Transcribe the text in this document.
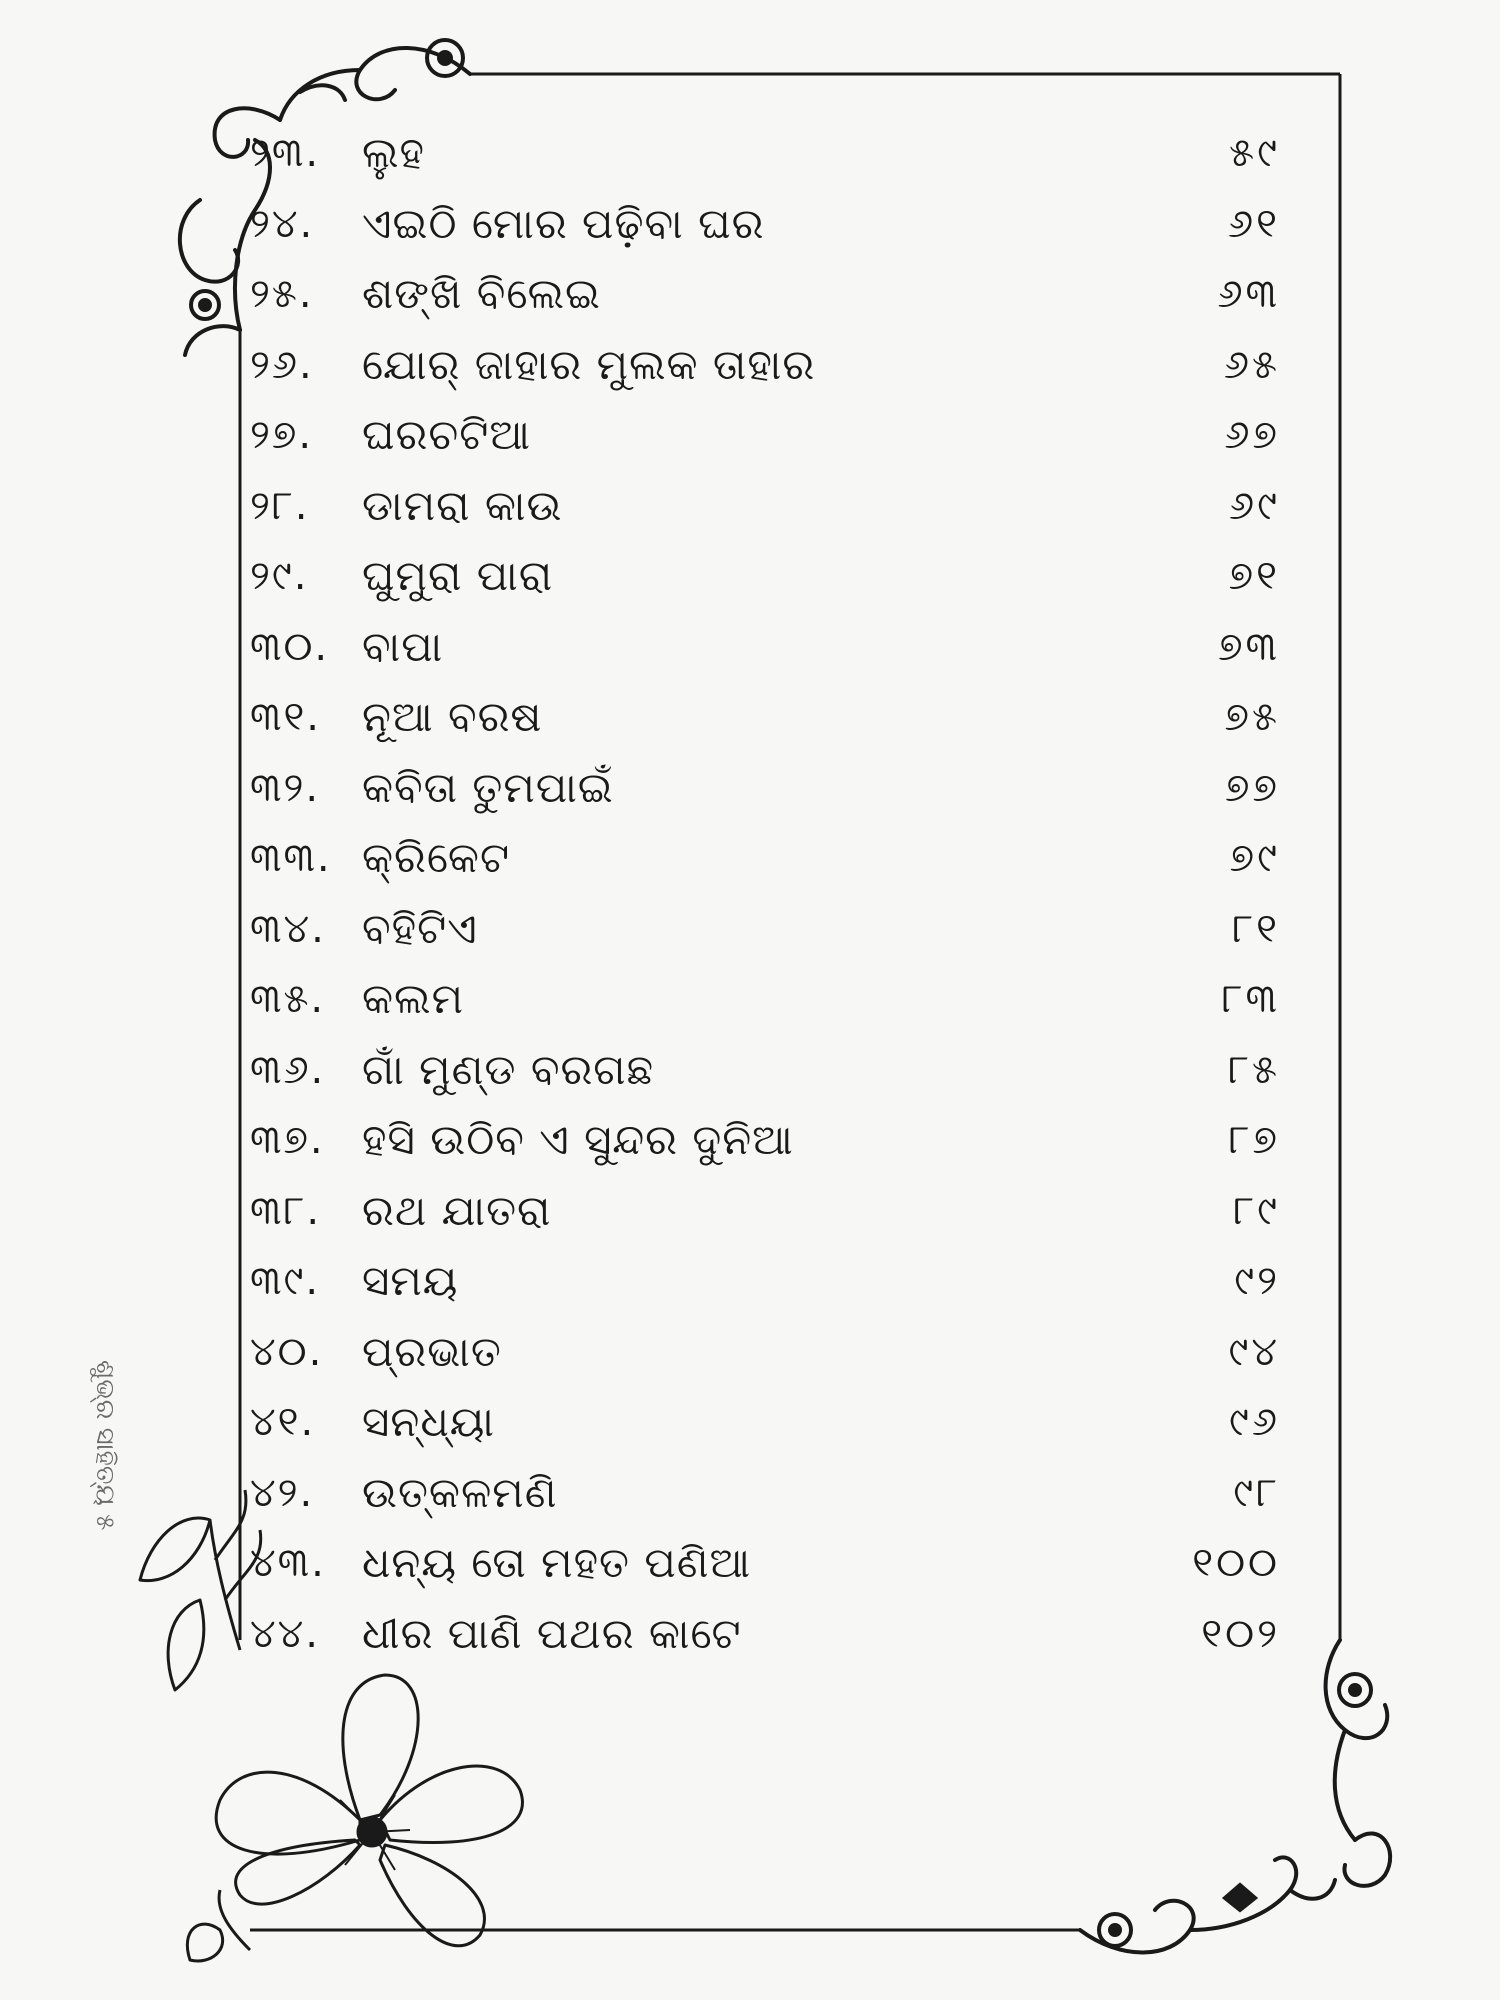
୨୩. ଲୁହ	୫୯
୨୪.	ଏଇଠି ମୋର ପଢ଼ିବା ଘର	୬୧
୨୫.	ଶଙ୍ଖି ବିଲେଇ	୬୩
୨୬.	ଯୋର୍ ଜାହାର ମୁଲକ ତାହାର	୬୫
୨୭.	ଘରଚଟିଆ	୬୭
୨୮.	ଡାମରା କାଉ	୬୯
୨୯.	ଘୁମୁରା ପାରା	୭୧
୩୦. ବାପା	୭୩
୩୧. ନୂଆ ବରଷ	୭୫
୩୨. କବିତା ତୁମପାଇଁ	୭୭
୩୩. କ୍ରିକେଟ	୭୯
୩୪. ବହିଟିଏ	୮୧
୩୫. କଲମ	୮୩
୩୬. ଗାଁ ମୁଣ୍ଡ ବରଗଛ	୮୫
୩୭. ହସି ଉଠିବ ଏ ସୁନ୍ଦର ଦୁନିଆ	୮୭
୩୮. ରଥ ଯାତରା	୮୯
୩୯. ସମୟ	୯୨
୪୦. ପ୍ରଭାତ	୯୪
୪୧.	ସନ୍ଧ୍ୟା	୯୬
୪୨.	ଉତ୍କଳମଣି	୯୮
୪୩. ଧନ୍ୟ ତୋ ମହତ ପଣିଆ	୧୦୦
୪୪.	ଧୀର ପାଣି ପଥର କାଟେ	୧୦୨
ଶୁଭ୍ର ସାହିତ୍ୟ ୫
